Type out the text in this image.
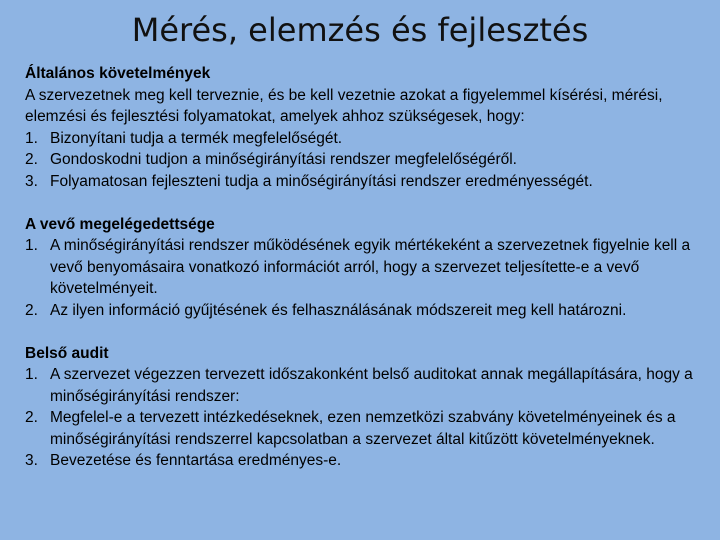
Mérés, elemzés és fejlesztés

Általános követelmények

A szervezetnek meg kell terveznie, és be kell vezetnie azokat a figyelemmel kísérési, mérési, elemzési és fejlesztési folyamatokat, amelyek ahhoz szükségesek, hogy:

1. Bizonyítani tudja a termék megfelelőségét.
2. Gondoskodni tudjon a minőségirányítási rendszer megfelelőségéről.
3. Folyamatosan fejleszteni tudja a minőségirányítási rendszer eredményességét.

A vevő megelégedettsége

1. A minőségirányítási rendszer működésének egyik mértékeként a szervezetnek figyelnie kell a vevő benyomásaira vonatkozó információt arról, hogy a szervezet teljesítette-e a vevő követelményeit.
2. Az ilyen információ gyűjtésének és felhasználásának módszereit meg kell határozni.

Belső audit

1. A szervezet végezzen tervezett időszakonként belső auditokat annak megállapítására, hogy a minőségirányítási rendszer:
2. Megfelel-e a tervezett intézkedéseknek, ezen nemzetközi szabvány követelményeinek és a minőségirányítási rendszerrel kapcsolatban a szervezet által kitűzött követelményeknek.
3. Bevezetése és fenntartása eredményes-e.
